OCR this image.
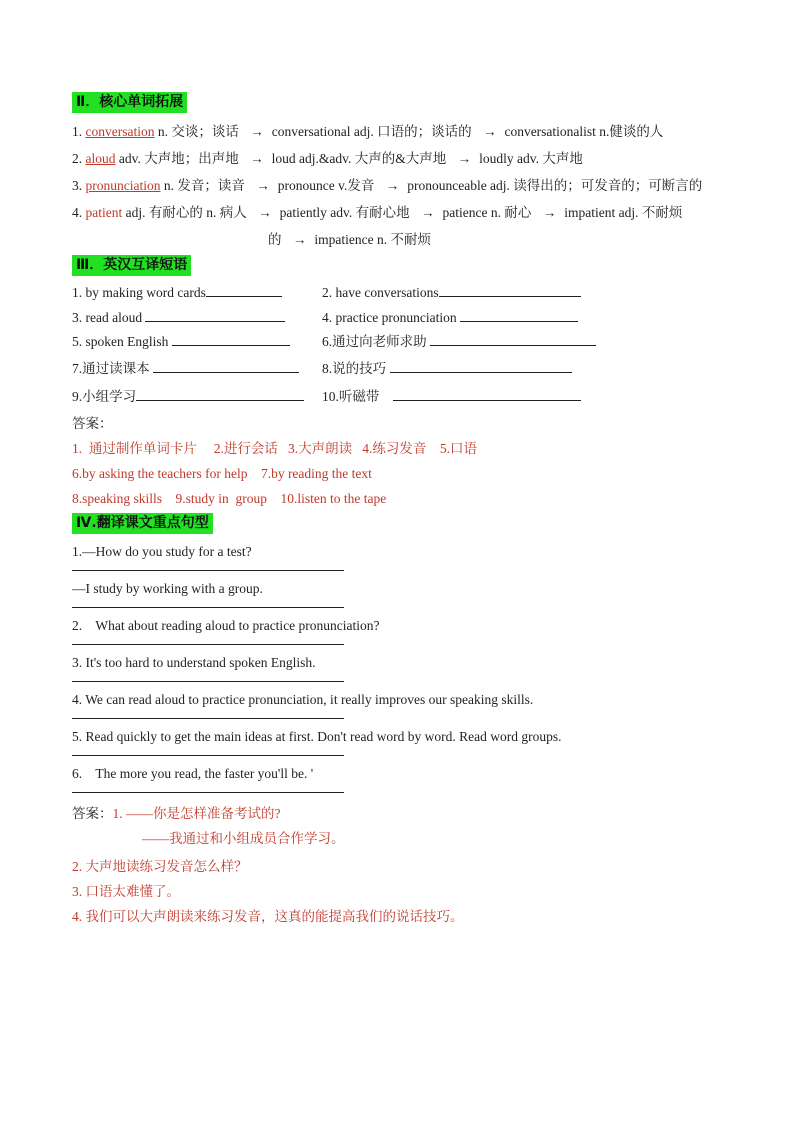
Ⅱ．核心单词拓展
1. conversation n. 交谈；谈话 → conversational adj. 口语的；谈话的 → conversationalist n.健谈的人
2. aloud adv. 大声地；出声地 → loud adj.&adv. 大声的&大声地 → loudly adv. 大声地
3. pronunciation n. 发音；读音 → pronounce v.发音 → pronounceable adj. 读得出的；可发音的；可断言的
4. patient adj. 有耐心的 n. 病人 → patiently adv. 有耐心地 → patience n. 耐心 → impatient adj. 不耐烦
的 → impatience n. 不耐烦
Ⅲ．英汉互译短语
1. by making word cards	2. have conversations
3. read aloud	4. practice pronunciation
5. spoken English	6.通过向老师求助
7.通过读课本	8.说的技巧
9.小组学习	10.听磁带
答案：
1.  通过制作单词卡片     2.进行会话   3.大声朗读   4.练习发音    5.口语
6.by asking the teachers for help    7.by reading the text
8.speaking skills    9.study in  group    10.listen to the tape
Ⅳ.翻译课文重点句型
1.—How do you study for a test?
—I study by working with a group.
2.    What about reading aloud to practice pronunciation?
3. It's too hard to understand spoken English.
4. We can read aloud to practice pronunciation, it really improves our speaking skills.
5. Read quickly to get the main ideas at first. Don't read word by word. Read word groups.
6.    The more you read, the faster you'll be. '
答案：1. ——你是怎样准备考试的?
——我通过和小组成员合作学习。
2. 大声地读练习发音怎么样？
3. 口语太难懂了。
4. 我们可以大声朗读来练习发音，这真的能提高我们的说话技巧。
